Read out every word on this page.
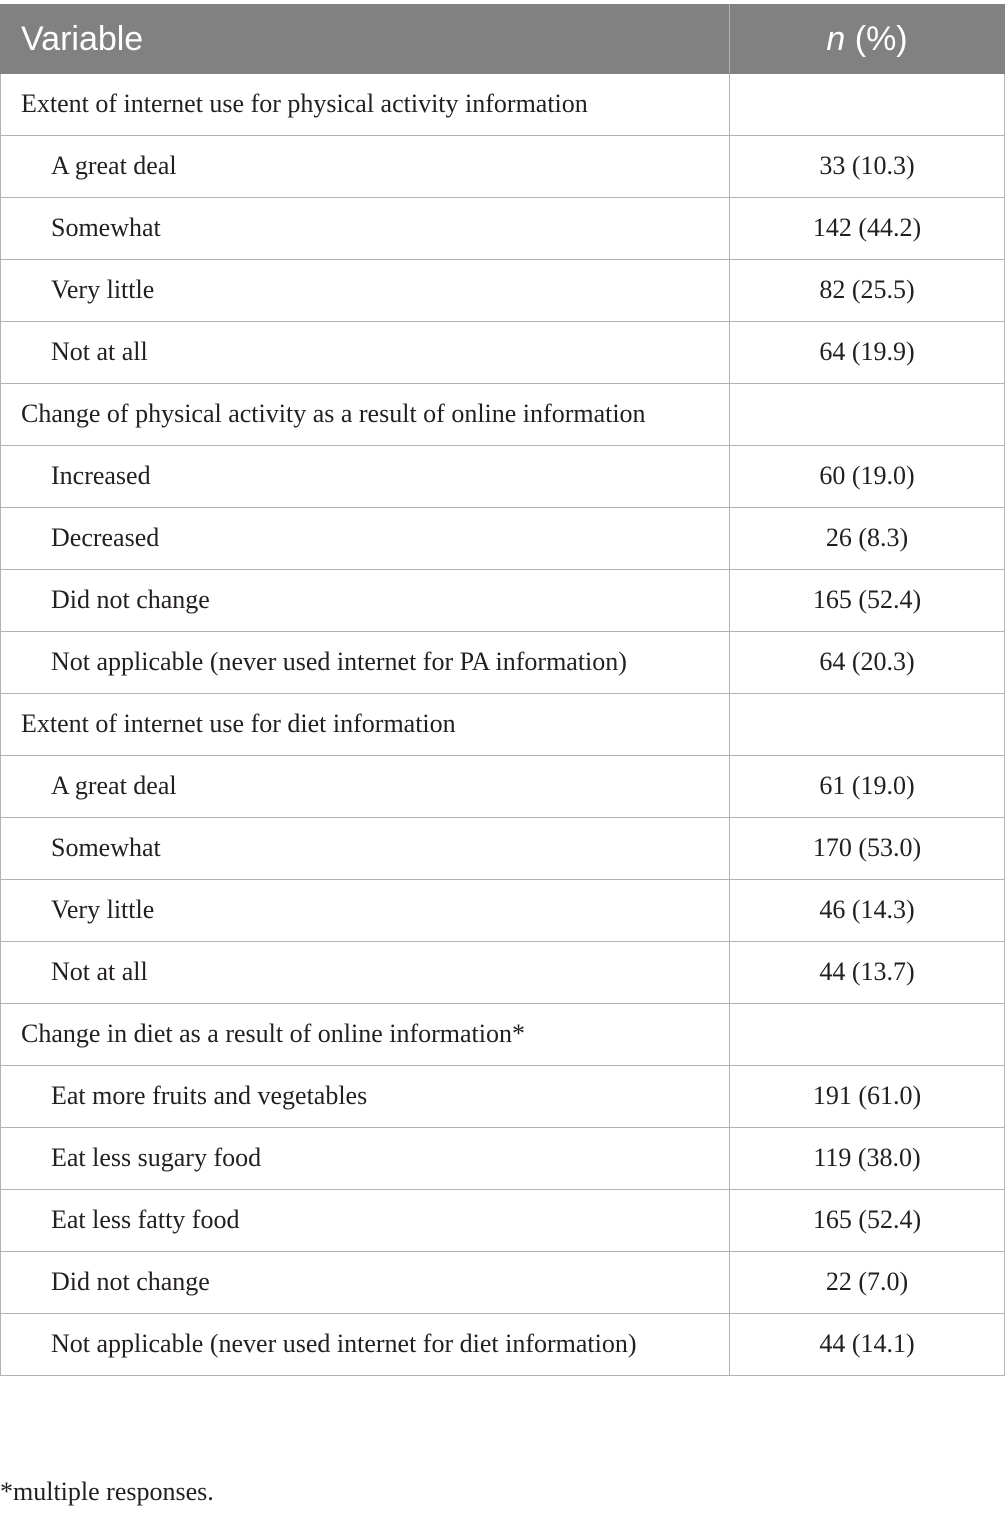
Variable	n (%)
Extent of internet use for physical activity information	
A great deal	33 (10.3)
Somewhat	142 (44.2)
Very little	82 (25.5)
Not at all	64 (19.9)
Change of physical activity as a result of online information	
Increased	60 (19.0)
Decreased	26 (8.3)
Did not change	165 (52.4)
Not applicable (never used internet for PA information)	64 (20.3)
Extent of internet use for diet information	
A great deal	61 (19.0)
Somewhat	170 (53.0)
Very little	46 (14.3)
Not at all	44 (13.7)
Change in diet as a result of online information*	
Eat more fruits and vegetables	191 (61.0)
Eat less sugary food	119 (38.0)
Eat less fatty food	165 (52.4)
Did not change	22 (7.0)
Not applicable (never used internet for diet information)	44 (14.1)
*multiple responses.
